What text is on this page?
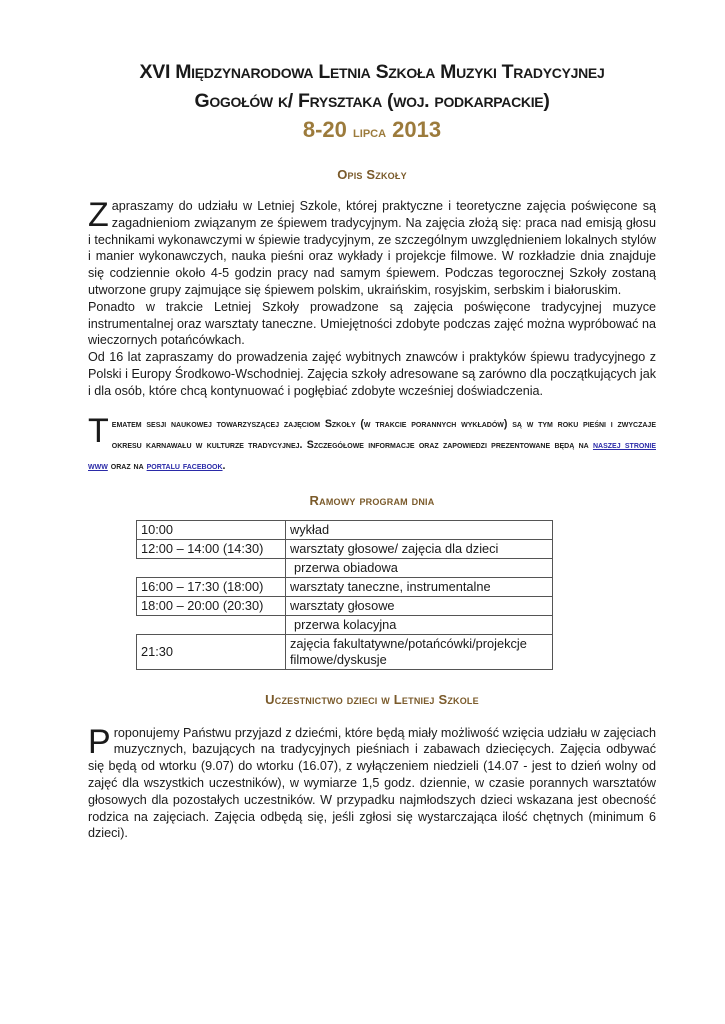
XVI Międzynarodowa Letnia Szkoła Muzyki Tradycyjnej
Gogołów k/ Frysztaka (woj. podkarpackie)
8-20 lipca 2013
Opis Szkoły

Zapraszamy do udziału w Letniej Szkole, której praktyczne i teoretyczne zajęcia poświęcone są zagadnieniom związanym ze śpiewem tradycyjnym. Na zajęcia złożą się: praca nad emisją głosu i technikami wykonawczymi w śpiewie tradycyjnym, ze szczególnym uwzględnieniem lokalnych stylów i manier wykonawczych, nauka pieśni oraz wykłady i projekcje filmowe. W rozkładzie dnia znajduje się codziennie około 4-5 godzin pracy nad samym śpiewem. Podczas tegorocznej Szkoły zostaną utworzone grupy zajmujące się śpiewem polskim, ukraińskim, rosyjskim, serbskim i białoruskim.

Ponadto w trakcie Letniej Szkoły prowadzone są zajęcia poświęcone tradycyjnej muzyce instrumentalnej oraz warsztaty taneczne. Umiejętności zdobyte podczas zajęć można wypróbować na wieczornych potańcówkach.

Od 16 lat zapraszamy do prowadzenia zajęć wybitnych znawców i praktyków śpiewu tradycyjnego z Polski i Europy Środkowo-Wschodniej. Zajęcia szkoły adresowane są zarówno dla początkujących jak i dla osób, które chcą kontynuować i pogłębiać zdobyte wcześniej doświadczenia.

Tematem sesji naukowej towarzyszącej zajęciom Szkoły (w trakcie porannych wykładów) są w tym roku pieśni i zwyczaje okresu karnawału w kulturze tradycyjnej. Szczegółowe informacje oraz zapowiedzi prezentowane będą na naszej stronie www oraz na portalu facebook.
Ramowy program dnia
10:00	wykład
12:00 – 14:00 (14:30)	warsztaty głosowe/ zajęcia dla dzieci
	przerwa obiadowa
16:00 – 17:30 (18:00)	warsztaty taneczne, instrumentalne
18:00 – 20:00 (20:30)	warsztaty głosowe
	przerwa kolacyjna
21:30	zajęcia fakultatywne/potańcówki/projekcje filmowe/dyskusje
Uczestnictwo dzieci w Letniej Szkole

Proponujemy Państwu przyjazd z dziećmi, które będą miały możliwość wzięcia udziału w zajęciach muzycznych, bazujących na tradycyjnych pieśniach i zabawach dziecięcych. Zajęcia odbywać się będą od wtorku (9.07) do wtorku (16.07), z wyłączeniem niedzieli (14.07 - jest to dzień wolny od zajęć dla wszystkich uczestników), w wymiarze 1,5 godz. dziennie, w czasie porannych warsztatów głosowych dla pozostałych uczestników. W przypadku najmłodszych dzieci wskazana jest obecność rodzica na zajęciach. Zajęcia odbędą się, jeśli zgłosi się wystarczająca ilość chętnych (minimum 6 dzieci).
